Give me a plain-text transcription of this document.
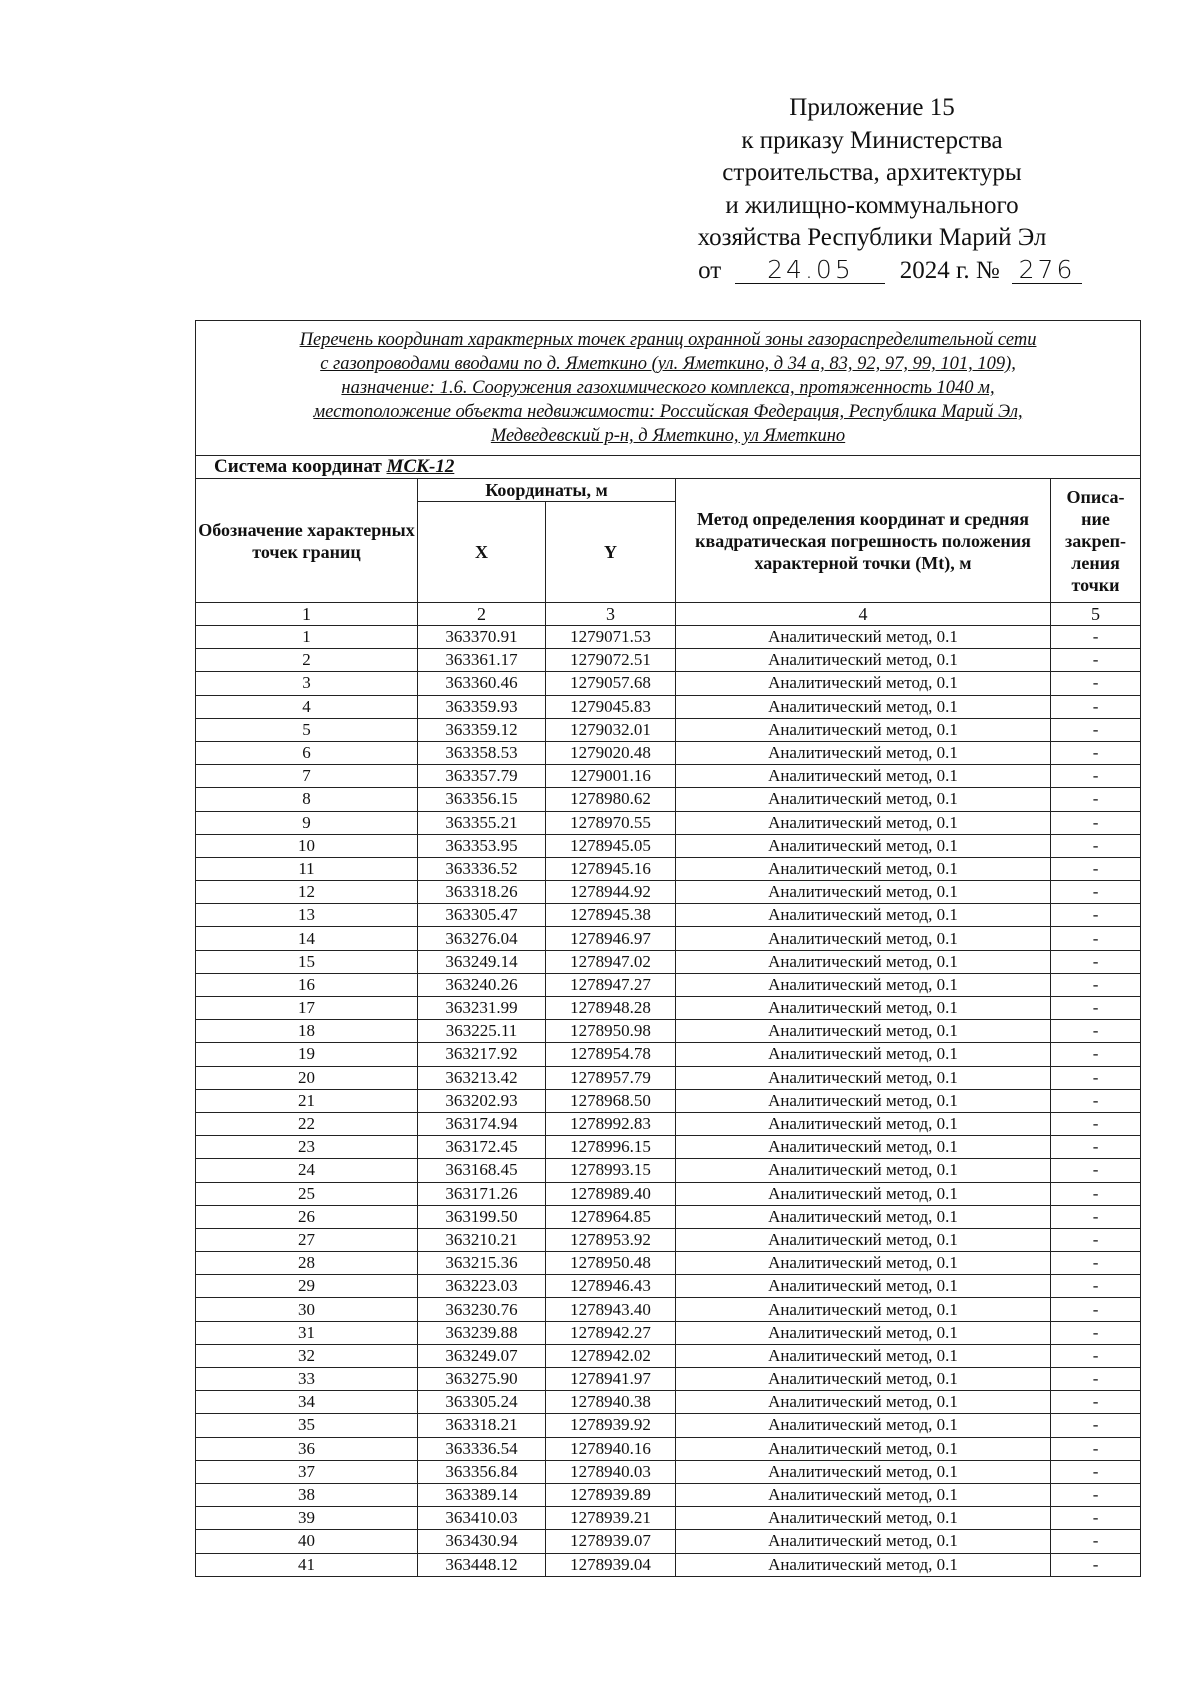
Приложение 15
к приказу Министерства
строительства, архитектуры
и жилищно-коммунального
хозяйства Республики Марий Эл
от 24.05 2024 г. № 276
Перечень координат характерных точек границ охранной зоны газораспределительной сети
с газопроводами вводами по д. Яметкино (ул. Яметкино, д 34 а, 83, 92, 97, 99, 101, 109),
назначение: 1.6. Сооружения газохимического комплекса, протяженность 1040 м,
местоположение объекта недвижимости: Российская Федерация, Республика Марий Эл,
Медведевский р-н, д Яметкино, ул Яметкино				

Система координат МСК-12				
Обозначение характерных точек границ	Координаты, м		Метод определения координат и средняя квадратическая погрешность положения характерной точки (Mt), м	Описа-ние закреп-ления точки
	X	Y		
1	2	3	4	5
1	363370.91	1279071.53	Аналитический метод, 0.1	-
2	363361.17	1279072.51	Аналитический метод, 0.1	-
3	363360.46	1279057.68	Аналитический метод, 0.1	-
4	363359.93	1279045.83	Аналитический метод, 0.1	-
5	363359.12	1279032.01	Аналитический метод, 0.1	-
6	363358.53	1279020.48	Аналитический метод, 0.1	-
7	363357.79	1279001.16	Аналитический метод, 0.1	-
8	363356.15	1278980.62	Аналитический метод, 0.1	-
9	363355.21	1278970.55	Аналитический метод, 0.1	-
10	363353.95	1278945.05	Аналитический метод, 0.1	-
11	363336.52	1278945.16	Аналитический метод, 0.1	-
12	363318.26	1278944.92	Аналитический метод, 0.1	-
13	363305.47	1278945.38	Аналитический метод, 0.1	-
14	363276.04	1278946.97	Аналитический метод, 0.1	-
15	363249.14	1278947.02	Аналитический метод, 0.1	-
16	363240.26	1278947.27	Аналитический метод, 0.1	-
17	363231.99	1278948.28	Аналитический метод, 0.1	-
18	363225.11	1278950.98	Аналитический метод, 0.1	-
19	363217.92	1278954.78	Аналитический метод, 0.1	-
20	363213.42	1278957.79	Аналитический метод, 0.1	-
21	363202.93	1278968.50	Аналитический метод, 0.1	-
22	363174.94	1278992.83	Аналитический метод, 0.1	-
23	363172.45	1278996.15	Аналитический метод, 0.1	-
24	363168.45	1278993.15	Аналитический метод, 0.1	-
25	363171.26	1278989.40	Аналитический метод, 0.1	-
26	363199.50	1278964.85	Аналитический метод, 0.1	-
27	363210.21	1278953.92	Аналитический метод, 0.1	-
28	363215.36	1278950.48	Аналитический метод, 0.1	-
29	363223.03	1278946.43	Аналитический метод, 0.1	-
30	363230.76	1278943.40	Аналитический метод, 0.1	-
31	363239.88	1278942.27	Аналитический метод, 0.1	-
32	363249.07	1278942.02	Аналитический метод, 0.1	-
33	363275.90	1278941.97	Аналитический метод, 0.1	-
34	363305.24	1278940.38	Аналитический метод, 0.1	-
35	363318.21	1278939.92	Аналитический метод, 0.1	-
36	363336.54	1278940.16	Аналитический метод, 0.1	-
37	363356.84	1278940.03	Аналитический метод, 0.1	-
38	363389.14	1278939.89	Аналитический метод, 0.1	-
39	363410.03	1278939.21	Аналитический метод, 0.1	-
40	363430.94	1278939.07	Аналитический метод, 0.1	-
41	363448.12	1278939.04	Аналитический метод, 0.1	-
